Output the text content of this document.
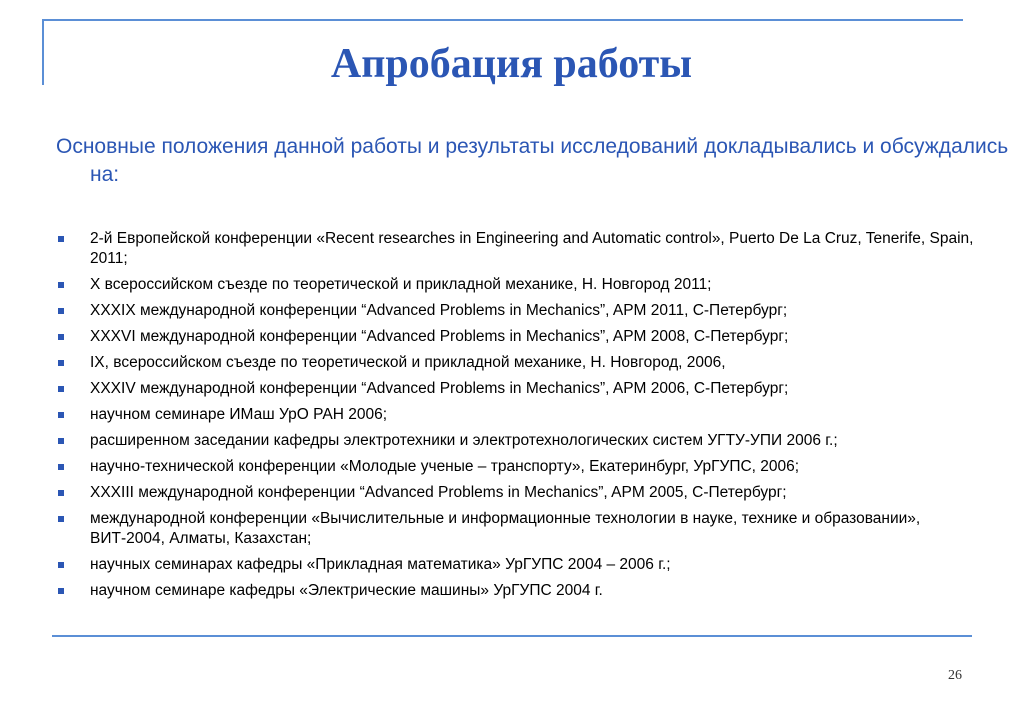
Апробация работы

Основные положения данной работы и результаты исследований докладывались и обсуждались на:

2-й Европейской конференции «Recent researches in Engineering and Automatic control», Puerto De La Cruz, Tenerife, Spain, 2011;
X всероссийском съезде по теоретической и прикладной механике, Н. Новгород 2011;
XXXIX международной конференции “Advanced Problems in Mechanics”, APM 2011, С-Петербург;
XXXVI международной конференции “Advanced Problems in Mechanics”, APM 2008, С-Петербург;
IX, всероссийском съезде по теоретической и прикладной механике, Н. Новгород, 2006,
XXXIV международной конференции “Advanced Problems in Mechanics”, APM 2006, С-Петербург;
научном семинаре ИМаш УрО РАН 2006;
расширенном заседании кафедры электротехники и электротехнологических систем УГТУ-УПИ 2006 г.;
научно-технической конференции «Молодые ученые – транспорту», Екатеринбург, УрГУПС, 2006;
XXXIII международной конференции “Advanced Problems in Mechanics”, APM 2005, С-Петербург;
международной конференции «Вычислительные и информационные технологии в науке, технике и образовании», ВИТ-2004, Алматы, Казахстан;
научных семинарах кафедры «Прикладная математика» УрГУПС 2004 – 2006 г.;
научном семинаре кафедры «Электрические машины» УрГУПС 2004 г.
26
